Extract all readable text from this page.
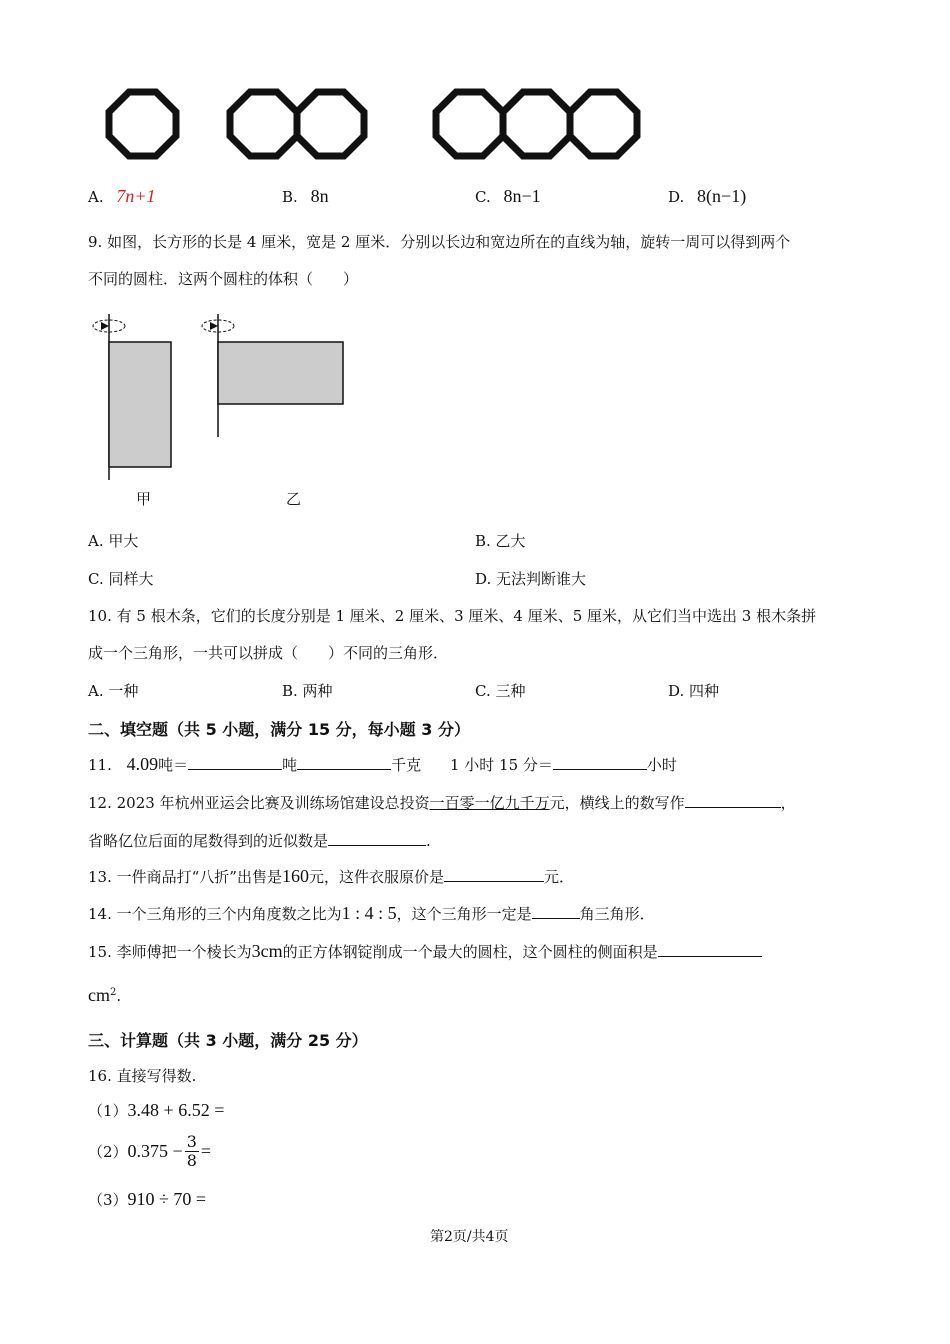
A. 7n+1	B. 8n	C. 8n−1	D. 8(n−1)
9. 如图，长方形的长是 4 厘米，宽是 2 厘米．分别以长边和宽边所在的直线为轴，旋转一周可以得到两个
不同的圆柱．这两个圆柱的体积（　　）
甲	乙
A. 甲大	B. 乙大
C. 同样大	D. 无法判断谁大
10. 有 5 根木条，它们的长度分别是 1 厘米、2 厘米、3 厘米、4 厘米、5 厘米，从它们当中选出 3 根木条拼
成一个三角形，一共可以拼成（　　）不同的三角形．
A. 一种	B. 两种	C. 三种	D. 四种
二、填空题（共 5 小题，满分 15 分，每小题 3 分）
11. 4.09吨＝	吨	千克 1 小时 15 分＝	小时
12. 2023 年杭州亚运会比赛及训练场馆建设总投资一百零一亿九千万元，横线上的数写作	，
省略亿位后面的尾数得到的近似数是	.
13. 一件商品打“八折”出售是160元，这件衣服原价是	元．
14. 一个三角形的三个内角度数之比为1 : 4 : 5，这个三角形一定是	角三角形．
15. 李师傅把一个棱长为3cm的正方体钢锭削成一个最大的圆柱，这个圆柱的侧面积是
$cm^2$.
三、计算题（共 3 小题，满分 25 分）
16. 直接写得数.
（1）3.48 + 6.52 =
$(2)0.375 - \frac{3}{8}$ =
（3）910 ÷ 70 =
第2页/共4页
